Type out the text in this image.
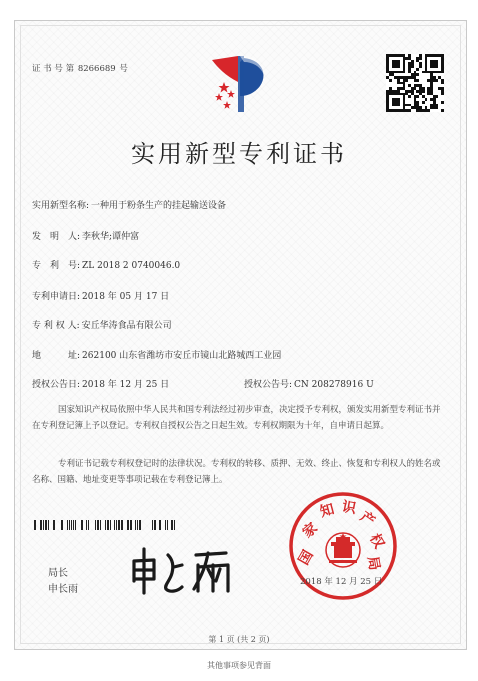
证 书 号 第 8266689 号
实用新型专利证书
实用新型名称: 一种用于粉条生产的挂起输送设备
发　明　人: 李秋华;谭仲富
专　利　号: ZL 2018 2 0740046.0
专利申请日: 2018 年 05 月 17 日
专 利 权 人: 安丘华涛食品有限公司
地　　　址: 262100 山东省潍坊市安丘市镜山北路城西工业园
授权公告日: 2018 年 12 月 25 日	授权公告号: CN 208278916 U
国家知识产权局依照中华人民共和国专利法经过初步审查，决定授予专利权，颁发实用新型专利证书并在专利登记簿上予以登记。专利权自授权公告之日起生效。专利权期限为十年，自申请日起算。
专利证书记载专利权登记时的法律状况。专利权的转移、质押、无效、终止、恢复和专利权人的姓名或名称、国籍、地址变更等事项记载在专利登记簿上。
局长
申长雨
国
家
知 识
产
权
局
2018 年 12 月 25 日
第 1 页 (共 2 页)
其他事项参见背面
